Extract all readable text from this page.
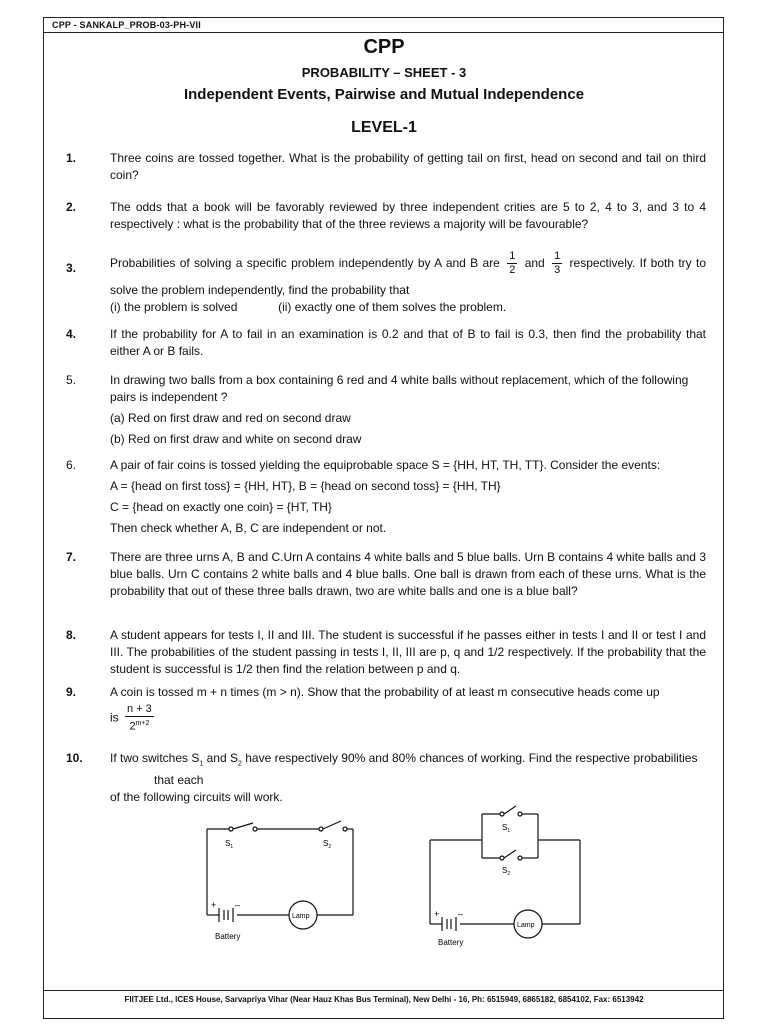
CPP - SANKALP_PROB-03-PH-VII
CPP
PROBABILITY – SHEET - 3
Independent Events, Pairwise and Mutual Independence
LEVEL-1
1.	Three coins are tossed together. What is the probability of getting tail on first, head on second and tail on third coin?

2.	The odds that a book will be favorably reviewed by three independent crities are 5 to 2, 4 to 3, and 3 to 4 respectively : what is the probability that of the three reviews a majority will be favourable?

3.	Probabilities of solving a specific problem independently by A and B are $\frac{1}{2}$ and $\frac{1}{3}$ respectively. If both try to solve the problem independently, find the probability that

(i) the problem is solved	(ii) exactly one of them solves the problem.

4.	If the probability for A to fail in an examination is 0.2 and that of B to fail is 0.3, then find the probability that either A or B fails.

5.	In drawing two balls from a box containing 6 red and 4 white balls without replacement, which of the following pairs is independent ?

(a) Red on first draw and red on second draw

(b) Red on first draw and white on second draw

6.	A pair of fair coins is tossed yielding the equiprobable space S = {HH, HT, TH, TT}. Consider the events:

A = {head on first toss} = {HH, HT}, B = {head on second toss} = {HH, TH}

C = {head on exactly one coin} = {HT, TH}

Then check whether A, B, C are independent or not.

7.	There are three urns A, B and C.Urn A contains 4 white balls and 5 blue balls. Urn B contains 4 white balls and 3 blue balls. Urn C contains 2 white balls and 4 blue balls. One ball is drawn from each of these urns. What is the probability that out of these three balls drawn, two are white balls and one is a blue ball?

8.	A student appears for tests I, II and III. The student is successful if he passes either in tests I and II or test I and III. The probabilities of the student passing in tests I, II, III are p, q and 1/2 respectively. If the probability that the student is successful is 1/2 then find the relation between p and q.

9.	A coin is tossed m + n times (m > n). Show that the probability of at least m consecutive heads come up

is $\frac{n + 3}{2^{m+2}}$

10.	If two switches $S_1$ and $S_2$ have respectively 90% and 80% chances of working. Find the respective probabilities

that each

of the following circuits will work.

$S_1$	$S_2$
+ –
Battery
Lamp
$S_1$
$S_2$
+ –
Battery
Lamp
FIITJEE Ltd., ICES House, Sarvapriya Vihar (Near Hauz Khas Bus Terminal), New Delhi - 16, Ph: 6515949, 6865182, 6854102, Fax: 6513942
